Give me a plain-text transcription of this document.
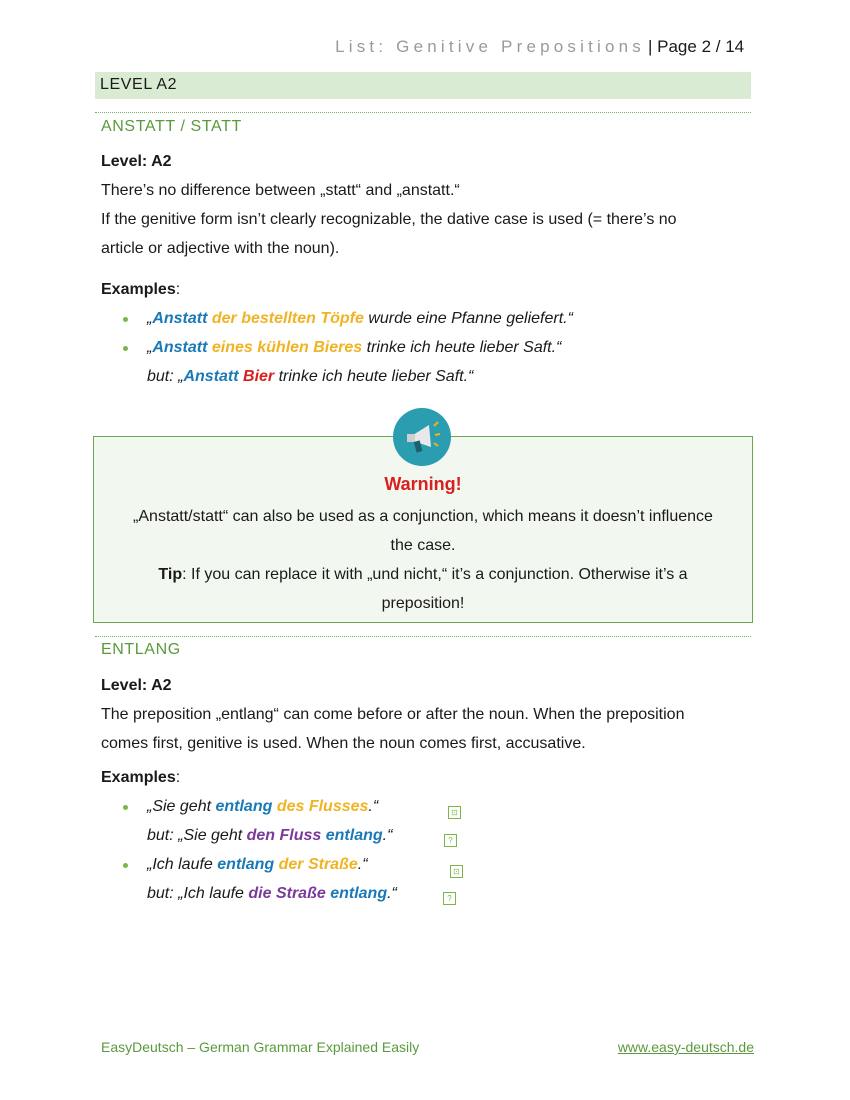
List: Genitive Prepositions | Page 2 / 14
LEVEL A2
ANSTATT / STATT
Level: A2
There’s no difference between „statt“ and „anstatt.“
If the genitive form isn’t clearly recognizable, the dative case is used (= there’s no
article or adjective with the noun).
Examples:
„Anstatt der bestellten Töpfe wurde eine Pfanne geliefert.“
„Anstatt eines kühlen Bieres trinke ich heute lieber Saft.“
but: „Anstatt Bier trinke ich heute lieber Saft.“
Warning!
„Anstatt/statt“ can also be used as a conjunction, which means it doesn’t influence
the case.
Tip: If you can replace it with „und nicht,“ it’s a conjunction. Otherwise it’s a
preposition!
ENTLANG
Level: A2
The preposition „entlang“ can come before or after the noun. When the preposition
comes first, genitive is used. When the noun comes first, accusative.
Examples:
„Sie geht entlang des Flusses.“	⊡
but: „Sie geht den Fluss entlang.“	?
„Ich laufe entlang der Straße.“	⊡
but: „Ich laufe die Straße entlang.“	?
EasyDeutsch – German Grammar Explained Easily	www.easy-deutsch.de
